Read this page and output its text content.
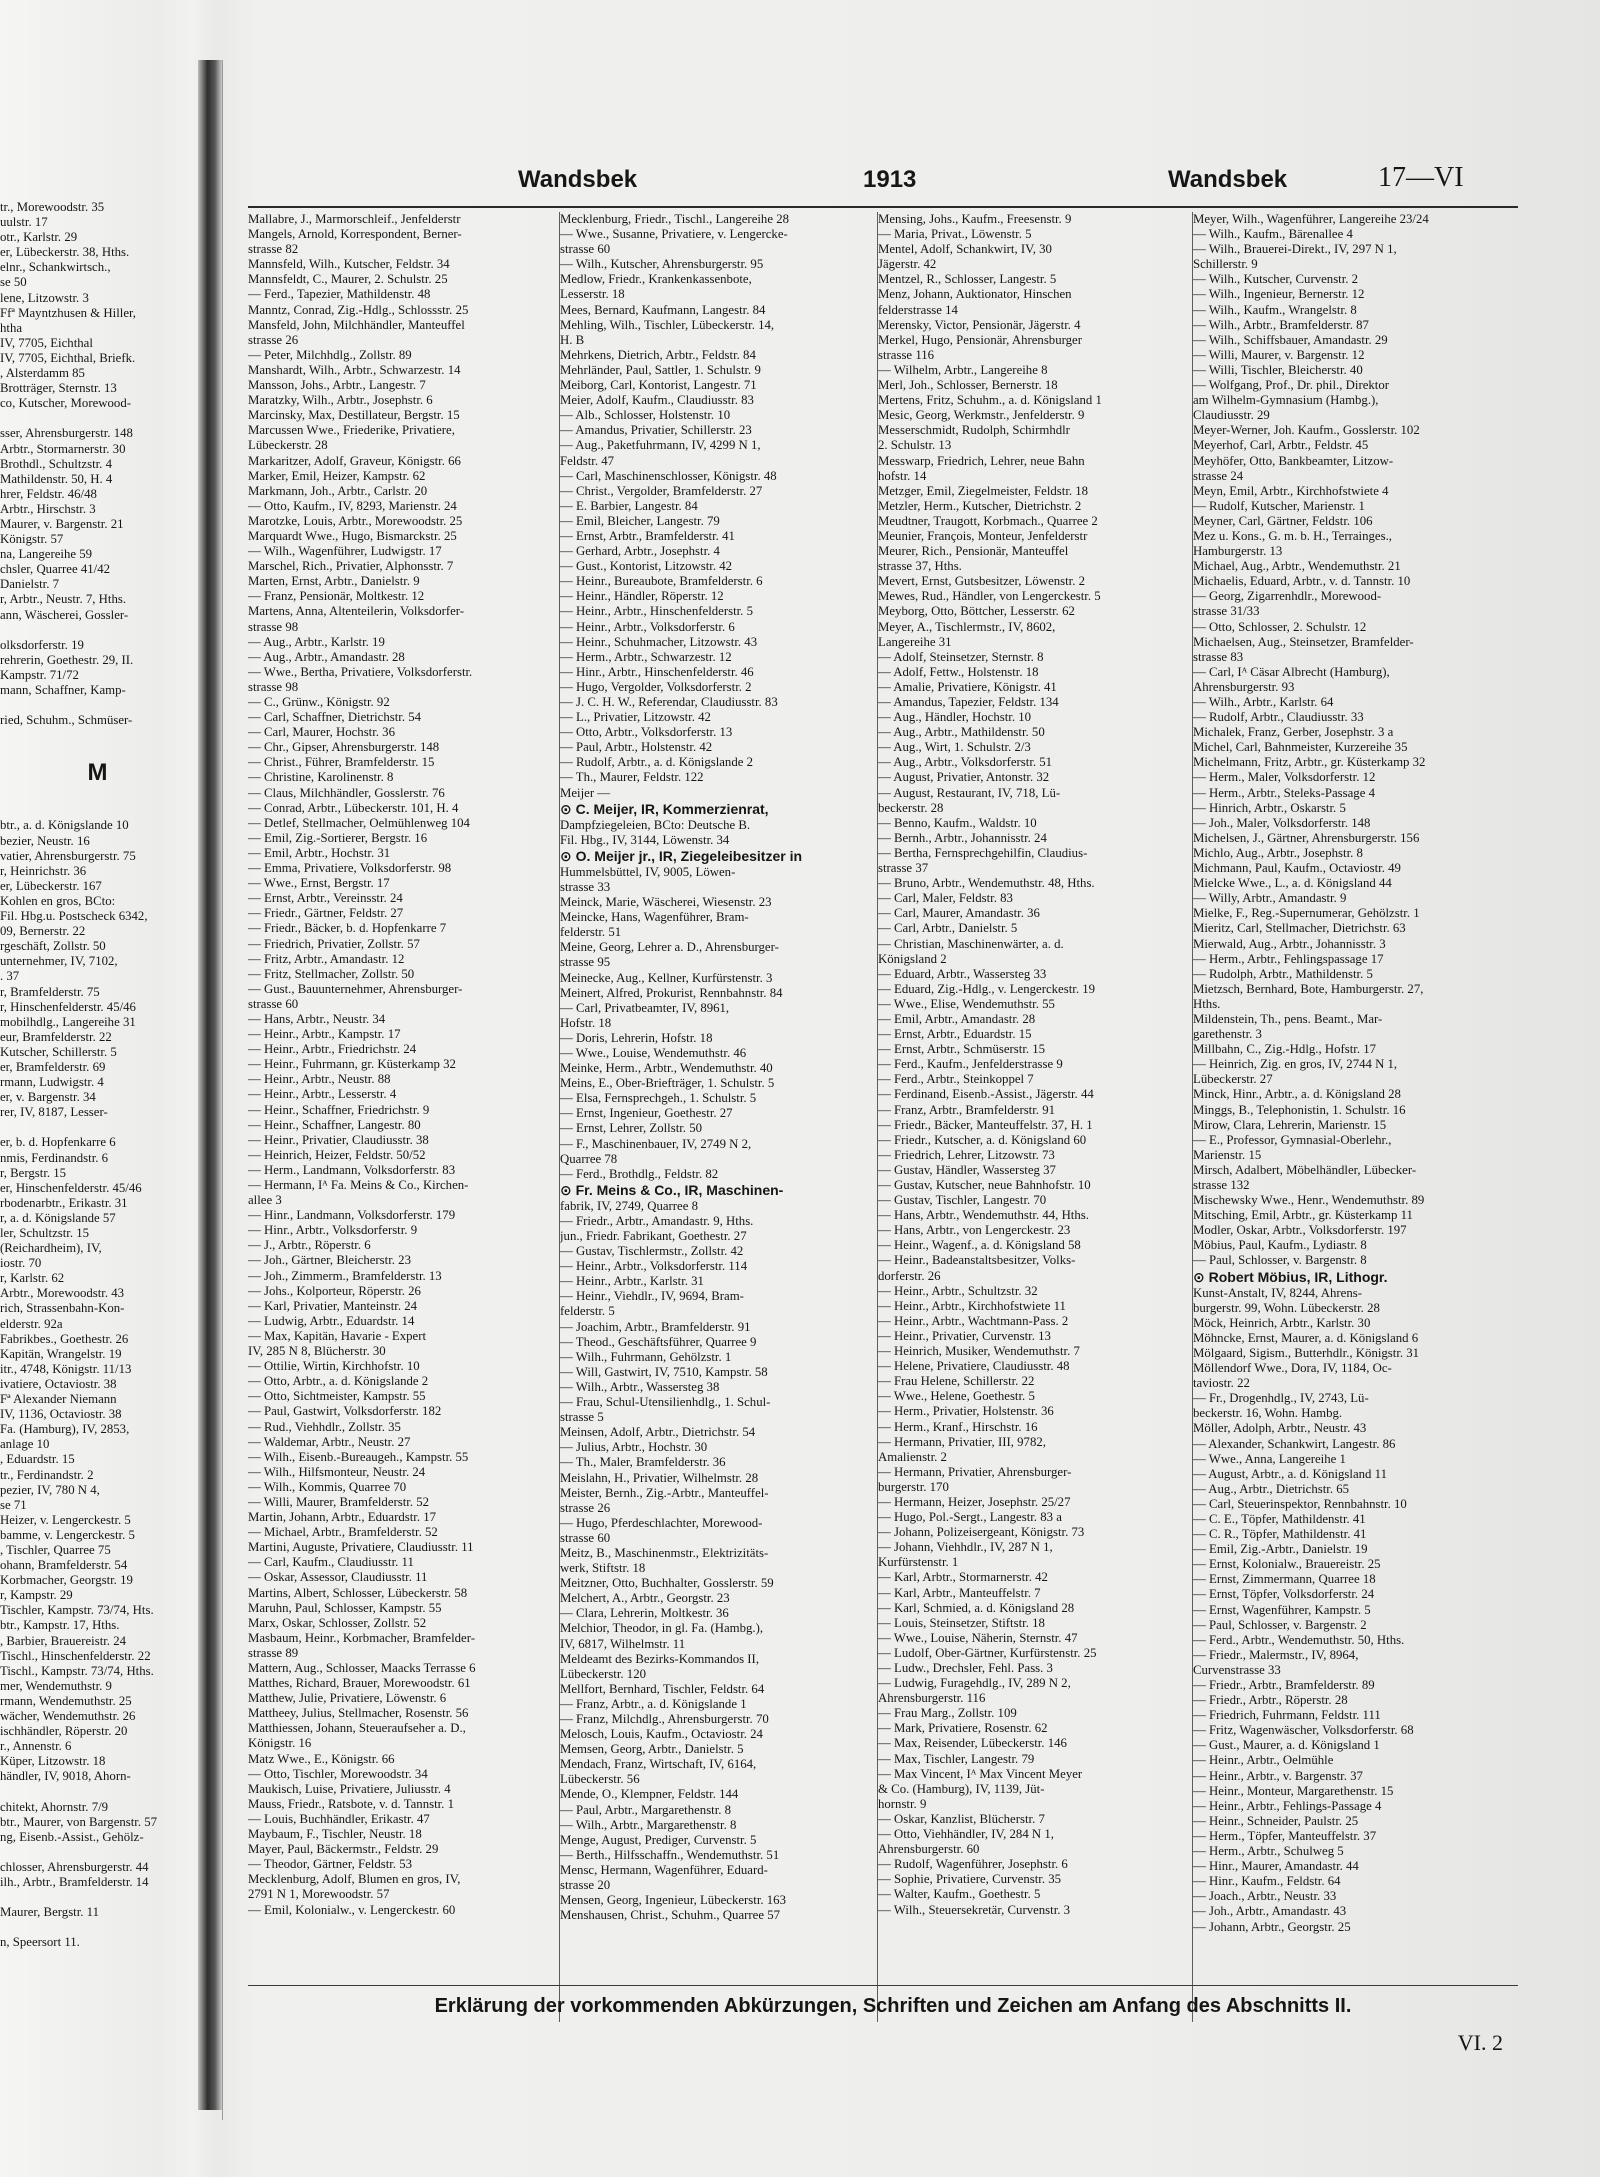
tr., Morewoodstr. 35

uulstr. 17

otr., Karlstr. 29

er, Lübeckerstr. 38, Hths.

elnr., Schankwirtsch.,

se 50

lene, Litzowstr. 3

Ffª Mayntzhusen & Hiller,

htha

IV, 7705, Eichthal

IV, 7705, Eichthal, Briefk.

, Alsterdamm 85

Brotträger, Sternstr. 13

co, Kutscher, Morewood-

sser, Ahrensburgerstr. 148

Arbtr., Stormarnerstr. 30

Brothdl., Schultzstr. 4

Mathildenstr. 50, H. 4

hrer, Feldstr. 46/48

Arbtr., Hirschstr. 3

Maurer, v. Bargenstr. 21

Königstr. 57

na, Langereihe 59

chsler, Quarree 41/42

Danielstr. 7

r, Arbtr., Neustr. 7, Hths.

ann, Wäscherei, Gossler-

olksdorferstr. 19

rehrerin, Goethestr. 29, II.

Kampstr. 71/72

mann, Schaffner, Kamp-

ried, Schuhm., Schmüser-

M

btr., a. d. Königslande 10

bezier, Neustr. 16

vatier, Ahrensburgerstr. 75

r, Heinrichstr. 36

er, Lübeckerstr. 167

Kohlen en gros, BCto:

Fil. Hbg.u. Postscheck 6342,

09, Bernerstr. 22

rgeschäft, Zollstr. 50

unternehmer, IV, 7102,

. 37

r, Bramfelderstr. 75

r, Hinschenfelderstr. 45/46

mobilhdlg., Langereihe 31

eur, Bramfelderstr. 22

Kutscher, Schillerstr. 5

er, Bramfelderstr. 69

rmann, Ludwigstr. 4

er, v. Bargenstr. 34

rer, IV, 8187, Lesser-

er, b. d. Hopfenkarre 6

nmis, Ferdinandstr. 6

r, Bergstr. 15

er, Hinschenfelderstr. 45/46

rbodenarbtr., Erikastr. 31

r, a. d. Königslande 57

ler, Schultzstr. 15

(Reichardheim), IV,

iostr. 70

r, Karlstr. 62

Arbtr., Morewoodstr. 43

rich, Strassenbahn-Kon-

elderstr. 92a

Fabrikbes., Goethestr. 26

Kapitän, Wrangelstr. 19

itr., 4748, Königstr. 11/13

ivatiere, Octaviostr. 38

Fª Alexander Niemann

IV, 1136, Octaviostr. 38

Fa. (Hamburg), IV, 2853,

anlage 10

, Eduardstr. 15

tr., Ferdinandstr. 2

pezier, IV, 780 N 4,

se 71

Heizer, v. Lengerckestr. 5

bamme, v. Lengerckestr. 5

, Tischler, Quarree 75

ohann, Bramfelderstr. 54

Korbmacher, Georgstr. 19

r, Kampstr. 29

Tischler, Kampstr. 73/74, Hts.

btr., Kampstr. 17, Hths.

, Barbier, Brauereistr. 24

Tischl., Hinschenfelderstr. 22

Tischl., Kampstr. 73/74, Hths.

mer, Wendemuthstr. 9

rmann, Wendemuthstr. 25

wächer, Wendemuthstr. 26

ischhändler, Röperstr. 20

r., Annenstr. 6

Küper, Litzowstr. 18

händler, IV, 9018, Ahorn-

chitekt, Ahornstr. 7/9

btr., Maurer, von Bargenstr. 57

ng, Eisenb.-Assist., Gehölz-

chlosser, Ahrensburgerstr. 44

ilh., Arbtr., Bramfelderstr. 14

Maurer, Bergstr. 11

n, Speersort 11.

Wandsbek	1913	Wandsbek	17—VI

Mallabre, J., Marmorschleif., Jenfelderstr

Mangels, Arnold, Korrespondent, Berner-

strasse 82

Mannsfeld, Wilh., Kutscher, Feldstr. 34

Mannsfeldt, C., Maurer, 2. Schulstr. 25

— Ferd., Tapezier, Mathildenstr. 48

Manntz, Conrad, Zig.-Hdlg., Schlossstr. 25

Mansfeld, John, Milchhändler, Manteuffel

strasse 26

— Peter, Milchhdlg., Zollstr. 89

Manshardt, Wilh., Arbtr., Schwarzestr. 14

Mansson, Johs., Arbtr., Langestr. 7

Maratzky, Wilh., Arbtr., Josephstr. 6

Marcinsky, Max, Destillateur, Bergstr. 15

Marcussen Wwe., Friederike, Privatiere,

Lübeckerstr. 28

Markaritzer, Adolf, Graveur, Königstr. 66

Marker, Emil, Heizer, Kampstr. 62

Markmann, Joh., Arbtr., Carlstr. 20

— Otto, Kaufm., IV, 8293, Marienstr. 24

Marotzke, Louis, Arbtr., Morewoodstr. 25

Marquardt Wwe., Hugo, Bismarckstr. 25

— Wilh., Wagenführer, Ludwigstr. 17

Marschel, Rich., Privatier, Alphonsstr. 7

Marten, Ernst, Arbtr., Danielstr. 9

— Franz, Pensionär, Moltkestr. 12

Martens, Anna, Altenteilerin, Volksdorfer-

strasse 98

— Aug., Arbtr., Karlstr. 19

— Aug., Arbtr., Amandastr. 28

— Wwe., Bertha, Privatiere, Volksdorferstr.

strasse 98

— C., Grünw., Königstr. 92

— Carl, Schaffner, Dietrichstr. 54

— Carl, Maurer, Hochstr. 36

— Chr., Gipser, Ahrensburgerstr. 148

— Christ., Führer, Bramfelderstr. 15

— Christine, Karolinenstr. 8

— Claus, Milchhändler, Gosslerstr. 76

— Conrad, Arbtr., Lübeckerstr. 101, H. 4

— Detlef, Stellmacher, Oelmühlenweg 104

— Emil, Zig.-Sortierer, Bergstr. 16

— Emil, Arbtr., Hochstr. 31

— Emma, Privatiere, Volksdorferstr. 98

— Wwe., Ernst, Bergstr. 17

— Ernst, Arbtr., Vereinsstr. 24

— Friedr., Gärtner, Feldstr. 27

— Friedr., Bäcker, b. d. Hopfenkarre 7

— Friedrich, Privatier, Zollstr. 57

— Fritz, Arbtr., Amandastr. 12

— Fritz, Stellmacher, Zollstr. 50

— Gust., Bauunternehmer, Ahrensburger-

strasse 60

— Hans, Arbtr., Neustr. 34

— Heinr., Arbtr., Kampstr. 17

— Heinr., Arbtr., Friedrichstr. 24

— Heinr., Fuhrmann, gr. Küsterkamp 32

— Heinr., Arbtr., Neustr. 88

— Heinr., Arbtr., Lesserstr. 4

— Heinr., Schaffner, Friedrichstr. 9

— Heinr., Schaffner, Langestr. 80

— Heinr., Privatier, Claudiusstr. 38

— Heinrich, Heizer, Feldstr. 50/52

— Herm., Landmann, Volksdorferstr. 83

— Hermann, Iᴬ Fa. Meins & Co., Kirchen-

allee 3

— Hinr., Landmann, Volksdorferstr. 179

— Hinr., Arbtr., Volksdorferstr. 9

— J., Arbtr., Röperstr. 6

— Joh., Gärtner, Bleicherstr. 23

— Joh., Zimmerm., Bramfelderstr. 13

— Johs., Kolporteur, Röperstr. 26

— Karl, Privatier, Manteinstr. 24

— Ludwig, Arbtr., Eduardstr. 14

— Max, Kapitän, Havarie - Expert

IV, 285 N 8, Blücherstr. 30

— Ottilie, Wirtin, Kirchhofstr. 10

— Otto, Arbtr., a. d. Königslande 2

— Otto, Sichtmeister, Kampstr. 55

— Paul, Gastwirt, Volksdorferstr. 182

— Rud., Viehhdlr., Zollstr. 35

— Waldemar, Arbtr., Neustr. 27

— Wilh., Eisenb.-Bureaugeh., Kampstr. 55

— Wilh., Hilfsmonteur, Neustr. 24

— Wilh., Kommis, Quarree 70

— Willi, Maurer, Bramfelderstr. 52

Martin, Johann, Arbtr., Eduardstr. 17

— Michael, Arbtr., Bramfelderstr. 52

Martini, Auguste, Privatiere, Claudiusstr. 11

— Carl, Kaufm., Claudiusstr. 11

— Oskar, Assessor, Claudiusstr. 11

Martins, Albert, Schlosser, Lübeckerstr. 58

Maruhn, Paul, Schlosser, Kampstr. 55

Marx, Oskar, Schlosser, Zollstr. 52

Masbaum, Heinr., Korbmacher, Bramfelder-

strasse 89

Mattern, Aug., Schlosser, Maacks Terrasse 6

Matthes, Richard, Brauer, Morewoodstr. 61

Matthew, Julie, Privatiere, Löwenstr. 6

Mattheey, Julius, Stellmacher, Rosenstr. 56

Matthiessen, Johann, Steueraufseher a. D.,

Königstr. 16

Matz Wwe., E., Königstr. 66

— Otto, Tischler, Morewoodstr. 34

Maukisch, Luise, Privatiere, Juliusstr. 4

Mauss, Friedr., Ratsbote, v. d. Tannstr. 1

— Louis, Buchhändler, Erikastr. 47

Maybaum, F., Tischler, Neustr. 18

Mayer, Paul, Bäckermstr., Feldstr. 29

— Theodor, Gärtner, Feldstr. 53

Mecklenburg, Adolf, Blumen en gros, IV,

2791 N 1, Morewoodstr. 57

— Emil, Kolonialw., v. Lengerckestr. 60

Mecklenburg, Friedr., Tischl., Langereihe 28

— Wwe., Susanne, Privatiere, v. Lengercke-

strasse 60

— Wilh., Kutscher, Ahrensburgerstr. 95

Medlow, Friedr., Krankenkassenbote,

Lesserstr. 18

Mees, Bernard, Kaufmann, Langestr. 84

Mehling, Wilh., Tischler, Lübeckerstr. 14,

H. B

Mehrkens, Dietrich, Arbtr., Feldstr. 84

Mehrländer, Paul, Sattler, 1. Schulstr. 9

Meiborg, Carl, Kontorist, Langestr. 71

Meier, Adolf, Kaufm., Claudiusstr. 83

— Alb., Schlosser, Holstenstr. 10

— Amandus, Privatier, Schillerstr. 23

— Aug., Paketfuhrmann, IV, 4299 N 1,

Feldstr. 47

— Carl, Maschinenschlosser, Königstr. 48

— Christ., Vergolder, Bramfelderstr. 27

— E. Barbier, Langestr. 84

— Emil, Bleicher, Langestr. 79

— Ernst, Arbtr., Bramfelderstr. 41

— Gerhard, Arbtr., Josephstr. 4

— Gust., Kontorist, Litzowstr. 42

— Heinr., Bureaubote, Bramfelderstr. 6

— Heinr., Händler, Röperstr. 12

— Heinr., Arbtr., Hinschenfelderstr. 5

— Heinr., Arbtr., Volksdorferstr. 6

— Heinr., Schuhmacher, Litzowstr. 43

— Herm., Arbtr., Schwarzestr. 12

— Hinr., Arbtr., Hinschenfelderstr. 46

— Hugo, Vergolder, Volksdorferstr. 2

— J. C. H. W., Referendar, Claudiusstr. 83

— L., Privatier, Litzowstr. 42

— Otto, Arbtr., Volksdorferstr. 13

— Paul, Arbtr., Holstenstr. 42

— Rudolf, Arbtr., a. d. Königslande 2

— Th., Maurer, Feldstr. 122

Meijer —

⊙ C. Meijer, IR, Kommerzienrat,

Dampfziegeleien, BCto: Deutsche B.

Fil. Hbg., IV, 3144, Löwenstr. 34

⊙ O. Meijer jr., IR, Ziegeleibesitzer in

Hummelsbüttel, IV, 9005, Löwen-

strasse 33

Meinck, Marie, Wäscherei, Wiesenstr. 23

Meincke, Hans, Wagenführer, Bram-

felderstr. 51

Meine, Georg, Lehrer a. D., Ahrensburger-

strasse 95

Meinecke, Aug., Kellner, Kurfürstenstr. 3

Meinert, Alfred, Prokurist, Rennbahnstr. 84

— Carl, Privatbeamter, IV, 8961,

Hofstr. 18

— Doris, Lehrerin, Hofstr. 18

— Wwe., Louise, Wendemuthstr. 46

Meinke, Herm., Arbtr., Wendemuthstr. 40

Meins, E., Ober-Briefträger, 1. Schulstr. 5

— Elsa, Fernsprechgeh., 1. Schulstr. 5

— Ernst, Ingenieur, Goethestr. 27

— Ernst, Lehrer, Zollstr. 50

— F., Maschinenbauer, IV, 2749 N 2,

Quarree 78

— Ferd., Brothdlg., Feldstr. 82

⊙ Fr. Meins & Co., IR, Maschinen-

fabrik, IV, 2749, Quarree 8

— Friedr., Arbtr., Amandastr. 9, Hths.

jun., Friedr. Fabrikant, Goethestr. 27

— Gustav, Tischlermstr., Zollstr. 42

— Heinr., Arbtr., Volksdorferstr. 114

— Heinr., Arbtr., Karlstr. 31

— Heinr., Viehdlr., IV, 9694, Bram-

felderstr. 5

— Joachim, Arbtr., Bramfelderstr. 91

— Theod., Geschäftsführer, Quarree 9

— Wilh., Fuhrmann, Gehölzstr. 1

— Will, Gastwirt, IV, 7510, Kampstr. 58

— Wilh., Arbtr., Wassersteg 38

— Frau, Schul-Utensilienhdlg., 1. Schul-

strasse 5

Meinsen, Adolf, Arbtr., Dietrichstr. 54

— Julius, Arbtr., Hochstr. 30

— Th., Maler, Bramfelderstr. 36

Meislahn, H., Privatier, Wilhelmstr. 28

Meister, Bernh., Zig.-Arbtr., Manteuffel-

strasse 26

— Hugo, Pferdeschlachter, Morewood-

strasse 60

Meitz, B., Maschinenmstr., Elektrizitäts-

werk, Stiftstr. 18

Meitzner, Otto, Buchhalter, Gosslerstr. 59

Melchert, A., Arbtr., Georgstr. 23

— Clara, Lehrerin, Moltkestr. 36

Melchior, Theodor, in gl. Fa. (Hambg.),

IV, 6817, Wilhelmstr. 11

Meldeamt des Bezirks-Kommandos II,

Lübeckerstr. 120

Mellfort, Bernhard, Tischler, Feldstr. 64

— Franz, Arbtr., a. d. Königslande 1

— Franz, Milchdlg., Ahrensburgerstr. 70

Melosch, Louis, Kaufm., Octaviostr. 24

Memsen, Georg, Arbtr., Danielstr. 5

Mendach, Franz, Wirtschaft, IV, 6164,

Lübeckerstr. 56

Mende, O., Klempner, Feldstr. 144

— Paul, Arbtr., Margarethenstr. 8

— Wilh., Arbtr., Margarethenstr. 8

Menge, August, Prediger, Curvenstr. 5

— Berth., Hilfsschaffn., Wendemuthstr. 51

Mensc, Hermann, Wagenführer, Eduard-

strasse 20

Mensen, Georg, Ingenieur, Lübeckerstr. 163

Menshausen, Christ., Schuhm., Quarree 57

Mensing, Johs., Kaufm., Freesenstr. 9

— Maria, Privat., Löwenstr. 5

Mentel, Adolf, Schankwirt, IV, 30

Jägerstr. 42

Mentzel, R., Schlosser, Langestr. 5

Menz, Johann, Auktionator, Hinschen

felderstrasse 14

Merensky, Victor, Pensionär, Jägerstr. 4

Merkel, Hugo, Pensionär, Ahrensburger

strasse 116

— Wilhelm, Arbtr., Langereihe 8

Merl, Joh., Schlosser, Bernerstr. 18

Mertens, Fritz, Schuhm., a. d. Königsland 1

Mesic, Georg, Werkmstr., Jenfelderstr. 9

Messerschmidt, Rudolph, Schirmhdlr

2. Schulstr. 13

Messwarp, Friedrich, Lehrer, neue Bahn

hofstr. 14

Metzger, Emil, Ziegelmeister, Feldstr. 18

Metzler, Herm., Kutscher, Dietrichstr. 2

Meudtner, Traugott, Korbmach., Quarree 2

Meunier, François, Monteur, Jenfelderstr

Meurer, Rich., Pensionär, Manteuffel

strasse 37, Hths.

Mevert, Ernst, Gutsbesitzer, Löwenstr. 2

Mewes, Rud., Händler, von Lengerckestr. 5

Meyborg, Otto, Böttcher, Lesserstr. 62

Meyer, A., Tischlermstr., IV, 8602,

Langereihe 31

— Adolf, Steinsetzer, Sternstr. 8

— Adolf, Fettw., Holstenstr. 18

— Amalie, Privatiere, Königstr. 41

— Amandus, Tapezier, Feldstr. 134

— Aug., Händler, Hochstr. 10

— Aug., Arbtr., Mathildenstr. 50

— Aug., Wirt, 1. Schulstr. 2/3

— Aug., Arbtr., Volksdorferstr. 51

— August, Privatier, Antonstr. 32

— August, Restaurant, IV, 718, Lü-

beckerstr. 28

— Benno, Kaufm., Waldstr. 10

— Bernh., Arbtr., Johannisstr. 24

— Bertha, Fernsprechgehilfin, Claudius-

strasse 37

— Bruno, Arbtr., Wendemuthstr. 48, Hths.

— Carl, Maler, Feldstr. 83

— Carl, Maurer, Amandastr. 36

— Carl, Arbtr., Danielstr. 5

— Christian, Maschinenwärter, a. d.

Königsland 2

— Eduard, Arbtr., Wassersteg 33

— Eduard, Zig.-Hdlg., v. Lengerckestr. 19

— Wwe., Elise, Wendemuthstr. 55

— Emil, Arbtr., Amandastr. 28

— Ernst, Arbtr., Eduardstr. 15

— Ernst, Arbtr., Schmüserstr. 15

— Ferd., Kaufm., Jenfelderstrasse 9

— Ferd., Arbtr., Steinkoppel 7

— Ferdinand, Eisenb.-Assist., Jägerstr. 44

— Franz, Arbtr., Bramfelderstr. 91

— Friedr., Bäcker, Manteuffelstr. 37, H. 1

— Friedr., Kutscher, a. d. Königsland 60

— Friedrich, Lehrer, Litzowstr. 73

— Gustav, Händler, Wassersteg 37

— Gustav, Kutscher, neue Bahnhofstr. 10

— Gustav, Tischler, Langestr. 70

— Hans, Arbtr., Wendemuthstr. 44, Hths.

— Hans, Arbtr., von Lengerckestr. 23

— Heinr., Wagenf., a. d. Königsland 58

— Heinr., Badeanstaltsbesitzer, Volks-

dorferstr. 26

— Heinr., Arbtr., Schultzstr. 32

— Heinr., Arbtr., Kirchhofstwiete 11

— Heinr., Arbtr., Wachtmann-Pass. 2

— Heinr., Privatier, Curvenstr. 13

— Heinrich, Musiker, Wendemuthstr. 7

— Helene, Privatiere, Claudiusstr. 48

— Frau Helene, Schillerstr. 22

— Wwe., Helene, Goethestr. 5

— Herm., Privatier, Holstenstr. 36

— Herm., Kranf., Hirschstr. 16

— Hermann, Privatier, III, 9782,

Amalienstr. 2

— Hermann, Privatier, Ahrensburger-

burgerstr. 170

— Hermann, Heizer, Josephstr. 25/27

— Hugo, Pol.-Sergt., Langestr. 83 a

— Johann, Polizeisergeant, Königstr. 73

— Johann, Viehhdlr., IV, 287 N 1,

Kurfürstenstr. 1

— Karl, Arbtr., Stormarnerstr. 42

— Karl, Arbtr., Manteuffelstr. 7

— Karl, Schmied, a. d. Königsland 28

— Louis, Steinsetzer, Stiftstr. 18

— Wwe., Louise, Näherin, Sternstr. 47

— Ludolf, Ober-Gärtner, Kurfürstenstr. 25

— Ludw., Drechsler, Fehl. Pass. 3

— Ludwig, Furagehdlg., IV, 289 N 2,

Ahrensburgerstr. 116

— Frau Marg., Zollstr. 109

— Mark, Privatiere, Rosenstr. 62

— Max, Reisender, Lübeckerstr. 146

— Max, Tischler, Langestr. 79

— Max Vincent, Iᴬ Max Vincent Meyer

& Co. (Hamburg), IV, 1139, Jüt-

hornstr. 9

— Oskar, Kanzlist, Blücherstr. 7

— Otto, Viehhändler, IV, 284 N 1,

Ahrensburgerstr. 60

— Rudolf, Wagenführer, Josephstr. 6

— Sophie, Privatiere, Curvenstr. 35

— Walter, Kaufm., Goethestr. 5

— Wilh., Steuersekretär, Curvenstr. 3

Meyer, Wilh., Wagenführer, Langereihe 23/24

— Wilh., Kaufm., Bärenallee 4

— Wilh., Brauerei-Direkt., IV, 297 N 1,

Schillerstr. 9

— Wilh., Kutscher, Curvenstr. 2

— Wilh., Ingenieur, Bernerstr. 12

— Wilh., Kaufm., Wrangelstr. 8

— Wilh., Arbtr., Bramfelderstr. 87

— Wilh., Schiffsbauer, Amandastr. 29

— Willi, Maurer, v. Bargenstr. 12

— Willi, Tischler, Bleicherstr. 40

— Wolfgang, Prof., Dr. phil., Direktor

am Wilhelm-Gymnasium (Hambg.),

Claudiusstr. 29

Meyer-Werner, Joh. Kaufm., Gosslerstr. 102

Meyerhof, Carl, Arbtr., Feldstr. 45

Meyhöfer, Otto, Bankbeamter, Litzow-

strasse 24

Meyn, Emil, Arbtr., Kirchhofstwiete 4

— Rudolf, Kutscher, Marienstr. 1

Meyner, Carl, Gärtner, Feldstr. 106

Mez u. Kons., G. m. b. H., Terrainges.,

Hamburgerstr. 13

Michael, Aug., Arbtr., Wendemuthstr. 21

Michaelis, Eduard, Arbtr., v. d. Tannstr. 10

— Georg, Zigarrenhdlr., Morewood-

strasse 31/33

— Otto, Schlosser, 2. Schulstr. 12

Michaelsen, Aug., Steinsetzer, Bramfelder-

strasse 83

— Carl, Iᴬ Cäsar Albrecht (Hamburg),

Ahrensburgerstr. 93

— Wilh., Arbtr., Karlstr. 64

— Rudolf, Arbtr., Claudiusstr. 33

Michalek, Franz, Gerber, Josephstr. 3 a

Michel, Carl, Bahnmeister, Kurzereihe 35

Michelmann, Fritz, Arbtr., gr. Küsterkamp 32

— Herm., Maler, Volksdorferstr. 12

— Herm., Arbtr., Steleks-Passage 4

— Hinrich, Arbtr., Oskarstr. 5

— Joh., Maler, Volksdorferstr. 148

Michelsen, J., Gärtner, Ahrensburgerstr. 156

Michlo, Aug., Arbtr., Josephstr. 8

Michmann, Paul, Kaufm., Octaviostr. 49

Mielcke Wwe., L., a. d. Königsland 44

— Willy, Arbtr., Amandastr. 9

Mielke, F., Reg.-Supernumerar, Gehölzstr. 1

Mieritz, Carl, Stellmacher, Dietrichstr. 63

Mierwald, Aug., Arbtr., Johannisstr. 3

— Herm., Arbtr., Fehlingspassage 17

— Rudolph, Arbtr., Mathildenstr. 5

Mietzsch, Bernhard, Bote, Hamburgerstr. 27,

Hths.

Mildenstein, Th., pens. Beamt., Mar-

garethenstr. 3

Millbahn, C., Zig.-Hdlg., Hofstr. 17

— Heinrich, Zig. en gros, IV, 2744 N 1,

Lübeckerstr. 27

Minck, Hinr., Arbtr., a. d. Königsland 28

Minggs, B., Telephonistin, 1. Schulstr. 16

Mirow, Clara, Lehrerin, Marienstr. 15

— E., Professor, Gymnasial-Oberlehr.,

Marienstr. 15

Mirsch, Adalbert, Möbelhändler, Lübecker-

strasse 132

Mischewsky Wwe., Henr., Wendemuthstr. 89

Mitsching, Emil, Arbtr., gr. Küsterkamp 11

Modler, Oskar, Arbtr., Volksdorferstr. 197

Möbius, Paul, Kaufm., Lydiastr. 8

— Paul, Schlosser, v. Bargenstr. 8

⊙ Robert Möbius, IR, Lithogr.

Kunst-Anstalt, IV, 8244, Ahrens-

burgerstr. 99, Wohn. Lübeckerstr. 28

Möck, Heinrich, Arbtr., Karlstr. 30

Möhncke, Ernst, Maurer, a. d. Königsland 6

Mölgaard, Sigism., Butterhdlr., Königstr. 31

Möllendorf Wwe., Dora, IV, 1184, Oc-

taviostr. 22

— Fr., Drogenhdlg., IV, 2743, Lü-

beckerstr. 16, Wohn. Hambg.

Möller, Adolph, Arbtr., Neustr. 43

— Alexander, Schankwirt, Langestr. 86

— Wwe., Anna, Langereihe 1

— August, Arbtr., a. d. Königsland 11

— Aug., Arbtr., Dietrichstr. 65

— Carl, Steuerinspektor, Rennbahnstr. 10

— C. E., Töpfer, Mathildenstr. 41

— C. R., Töpfer, Mathildenstr. 41

— Emil, Zig.-Arbtr., Danielstr. 19

— Ernst, Kolonialw., Brauereistr. 25

— Ernst, Zimmermann, Quarree 18

— Ernst, Töpfer, Volksdorferstr. 24

— Ernst, Wagenführer, Kampstr. 5

— Paul, Schlosser, v. Bargenstr. 2

— Ferd., Arbtr., Wendemuthstr. 50, Hths.

— Friedr., Malermstr., IV, 8964,

Curvenstrasse 33

— Friedr., Arbtr., Bramfelderstr. 89

— Friedr., Arbtr., Röperstr. 28

— Friedrich, Fuhrmann, Feldstr. 111

— Fritz, Wagenwäscher, Volksdorferstr. 68

— Gust., Maurer, a. d. Königsland 1

— Heinr., Arbtr., Oelmühle

— Heinr., Arbtr., v. Bargenstr. 37

— Heinr., Monteur, Margarethenstr. 15

— Heinr., Arbtr., Fehlings-Passage 4

— Heinr., Schneider, Paulstr. 25

— Herm., Töpfer, Manteuffelstr. 37

— Herm., Arbtr., Schulweg 5

— Hinr., Maurer, Amandastr. 44

— Hinr., Kaufm., Feldstr. 64

— Joach., Arbtr., Neustr. 33

— Joh., Arbtr., Amandastr. 43

— Johann, Arbtr., Georgstr. 25

Erklärung der vorkommenden Abkürzungen, Schriften und Zeichen am Anfang des Abschnitts II.
VI. 2
